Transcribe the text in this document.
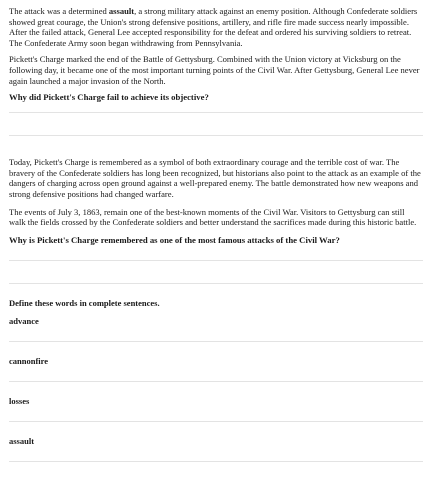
The attack was a determined assault, a strong military attack against an enemy position. Although Confederate soldiers showed great courage, the Union's strong defensive positions, artillery, and rifle fire made success nearly impossible. After the failed attack, General Lee accepted responsibility for the defeat and ordered his surviving soldiers to retreat. The Confederate Army soon began withdrawing from Pennsylvania.

Pickett's Charge marked the end of the Battle of Gettysburg. Combined with the Union victory at Vicksburg on the following day, it became one of the most important turning points of the Civil War. After Gettysburg, General Lee never again launched a major invasion of the North.

Why did Pickett's Charge fail to achieve its objective?

Today, Pickett's Charge is remembered as a symbol of both extraordinary courage and the terrible cost of war. The bravery of the Confederate soldiers has long been recognized, but historians also point to the attack as an example of the dangers of charging across open ground against a well-prepared enemy. The battle demonstrated how new weapons and strong defensive positions had changed warfare.

The events of July 3, 1863, remain one of the best-known moments of the Civil War. Visitors to Gettysburg can still walk the fields crossed by the Confederate soldiers and better understand the sacrifices made during this historic battle.

Why is Pickett's Charge remembered as one of the most famous attacks of the Civil War?
Define these words in complete sentences.
advance
cannonfire
losses
assault
